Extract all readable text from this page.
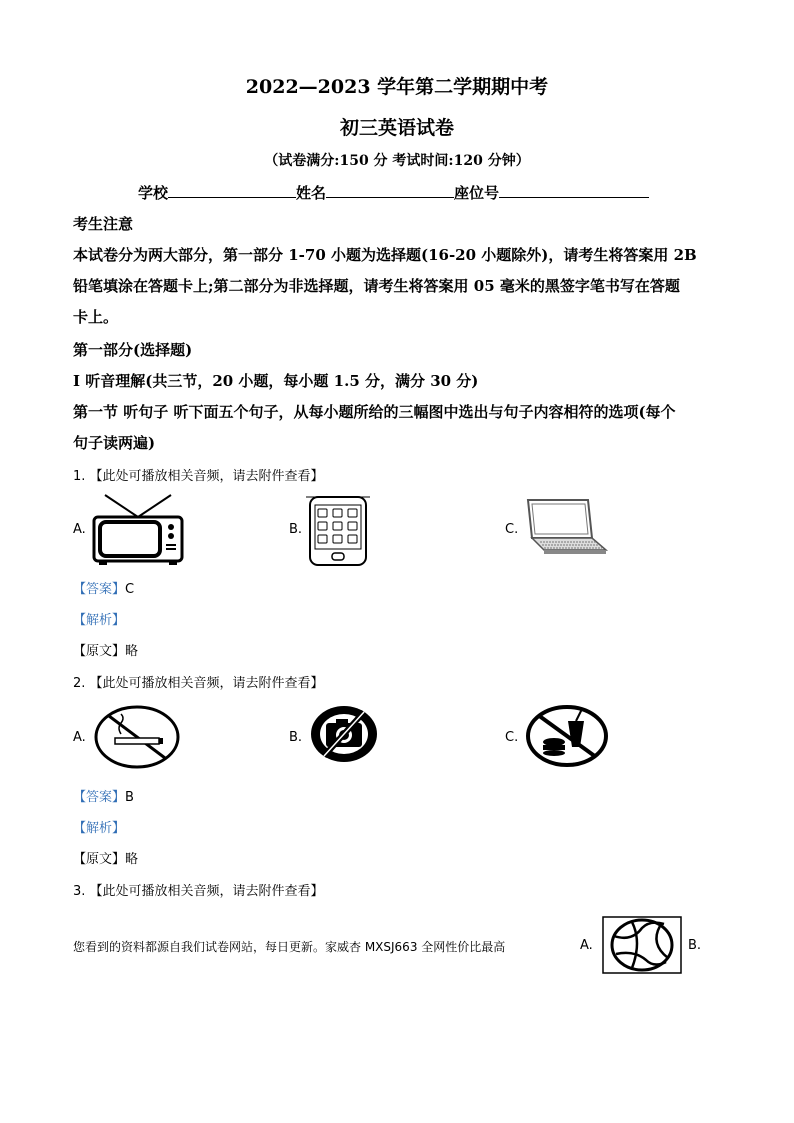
2022—2023 学年第二学期期中考
初三英语试卷
（试卷满分:150 分 考试时间:120 分钟）
学校	姓名	座位号
考生注意
本试卷分为两大部分，第一部分 1-70 小题为选择题(16-20 小题除外)，请考生将答案用 2B
铅笔填涂在答题卡上;第二部分为非选择题，请考生将答案用 05 毫米的黑签字笔书写在答题
卡上。
第一部分(选择题)
I 听音理解(共三节，20 小题，每小题 1.5 分，满分 30 分)
第一节 听句子 听下面五个句子，从每小题所给的三幅图中选出与句子内容相符的选项(每个
句子读两遍)
1. 【此处可播放相关音频，请去附件查看】
A.	B.	C.
【答案】C
【解析】
【原文】略
2. 【此处可播放相关音频，请去附件查看】
A.	B.	C.
【答案】B
【解析】
【原文】略
3. 【此处可播放相关音频，请去附件查看】
您看到的资料都源自我们试卷网站，每日更新。家威杏 MXSJ663 全网性价比最高	A.	B.
